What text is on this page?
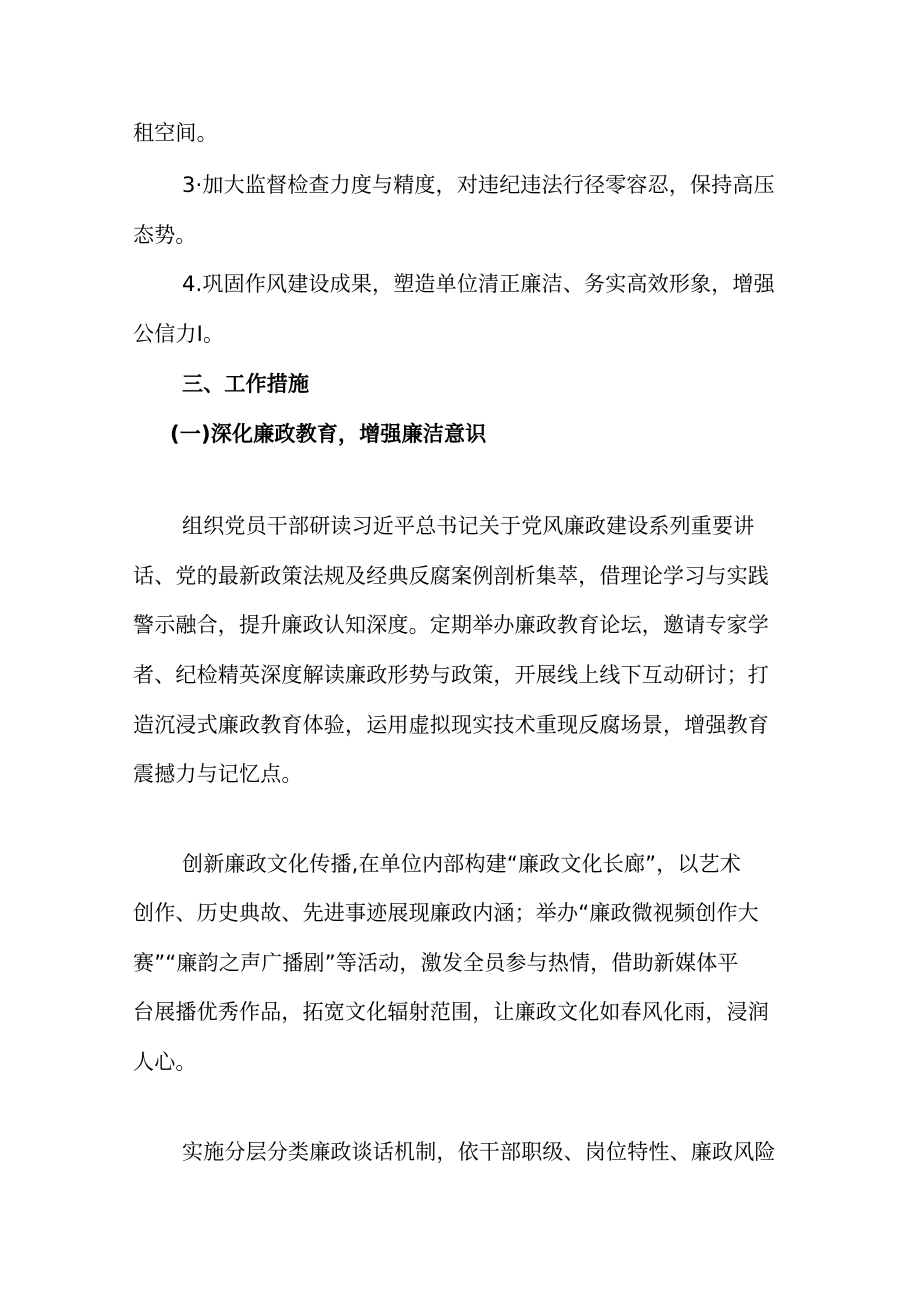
租空间。
3·加大监督检查力度与精度，对违纪违法行径零容忍，保持高压
态势。
4.巩固作风建设成果，塑造单位清正廉洁、务实高效形象，增强
公信力I。
三、工作措施
(一)深化廉政教育，增强廉洁意识
组织党员干部研读习近平总书记关于党风廉政建设系列重要讲
话、党的最新政策法规及经典反腐案例剖析集萃，借理论学习与实践
警示融合，提升廉政认知深度。定期举办廉政教育论坛，邀请专家学
者、纪检精英深度解读廉政形势与政策，开展线上线下互动研讨；打
造沉浸式廉政教育体验，运用虚拟现实技术重现反腐场景，增强教育
震撼力与记忆点。
创新廉政文化传播,在单位内部构建“廉政文化长廊”，以艺术
创作、历史典故、先进事迹展现廉政内涵；举办“廉政微视频创作大
赛”“廉韵之声广播剧”等活动，激发全员参与热情，借助新媒体平
台展播优秀作品，拓宽文化辐射范围，让廉政文化如春风化雨，浸润
人心。
实施分层分类廉政谈话机制，依干部职级、岗位特性、廉政风险
